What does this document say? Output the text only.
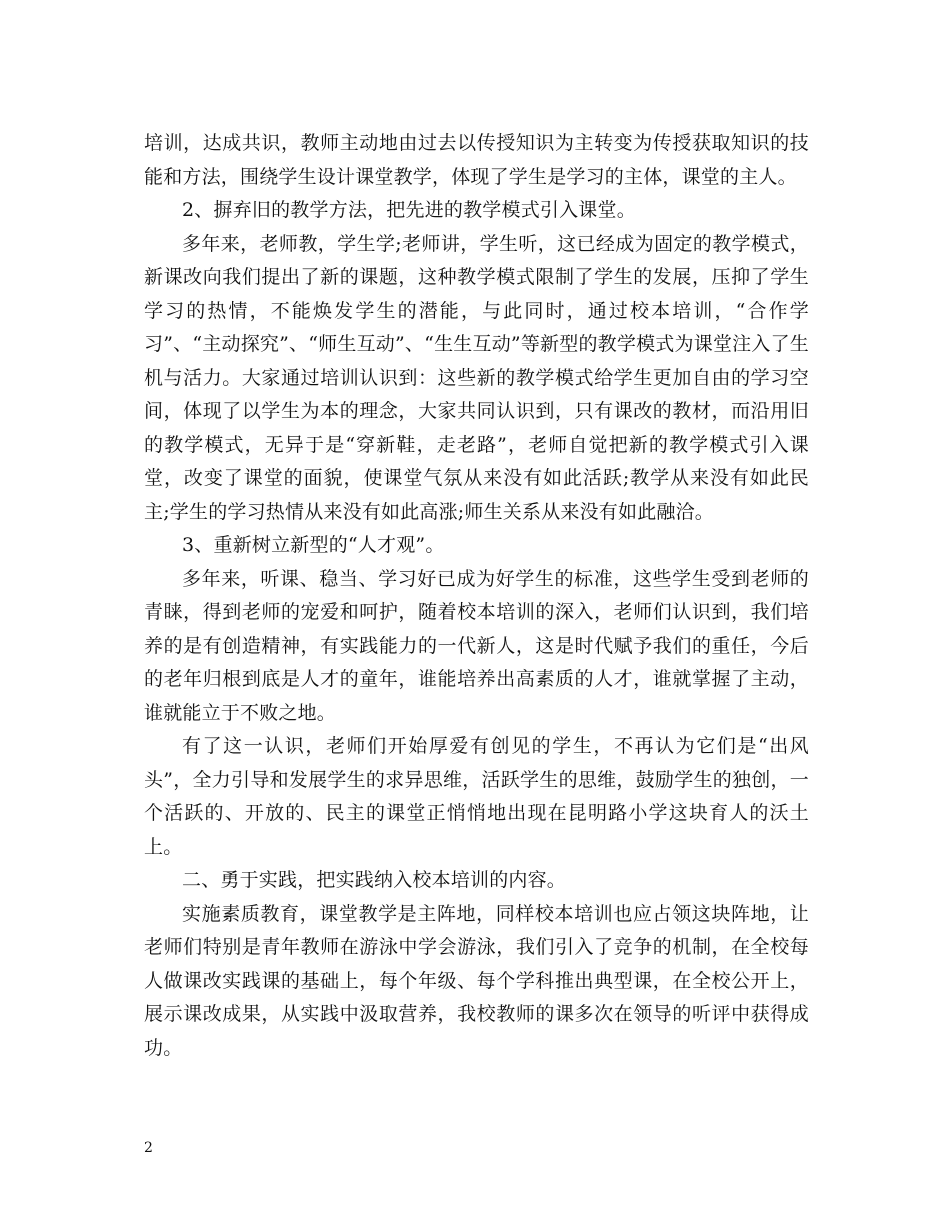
培训，达成共识，教师主动地由过去以传授知识为主转变为传授获取知识的技能和方法，围绕学生设计课堂教学，体现了学生是学习的主体，课堂的主人。

2、摒弃旧的教学方法，把先进的教学模式引入课堂。

多年来，老师教，学生学;老师讲，学生听，这已经成为固定的教学模式，新课改向我们提出了新的课题，这种教学模式限制了学生的发展，压抑了学生学习的热情，不能焕发学生的潜能，与此同时，通过校本培训，“合作学习”、“主动探究”、“师生互动”、“生生互动”等新型的教学模式为课堂注入了生机与活力。大家通过培训认识到：这些新的教学模式给学生更加自由的学习空间，体现了以学生为本的理念，大家共同认识到，只有课改的教材，而沿用旧的教学模式，无异于是“穿新鞋，走老路”，老师自觉把新的教学模式引入课堂，改变了课堂的面貌，使课堂气氛从来没有如此活跃;教学从来没有如此民主;学生的学习热情从来没有如此高涨;师生关系从来没有如此融洽。

3、重新树立新型的“人才观”。

多年来，听课、稳当、学习好已成为好学生的标准，这些学生受到老师的青睐，得到老师的宠爱和呵护，随着校本培训的深入，老师们认识到，我们培养的是有创造精神，有实践能力的一代新人，这是时代赋予我们的重任，今后的老年归根到底是人才的童年，谁能培养出高素质的人才，谁就掌握了主动，谁就能立于不败之地。

有了这一认识，老师们开始厚爱有创见的学生，不再认为它们是“出风头”，全力引导和发展学生的求异思维，活跃学生的思维，鼓励学生的独创，一个活跃的、开放的、民主的课堂正悄悄地出现在昆明路小学这块育人的沃土上。

二、勇于实践，把实践纳入校本培训的内容。

实施素质教育，课堂教学是主阵地，同样校本培训也应占领这块阵地，让老师们特别是青年教师在游泳中学会游泳，我们引入了竞争的机制，在全校每人做课改实践课的基础上，每个年级、每个学科推出典型课，在全校公开上，展示课改成果，从实践中汲取营养，我校教师的课多次在领导的听评中获得成功。

2
